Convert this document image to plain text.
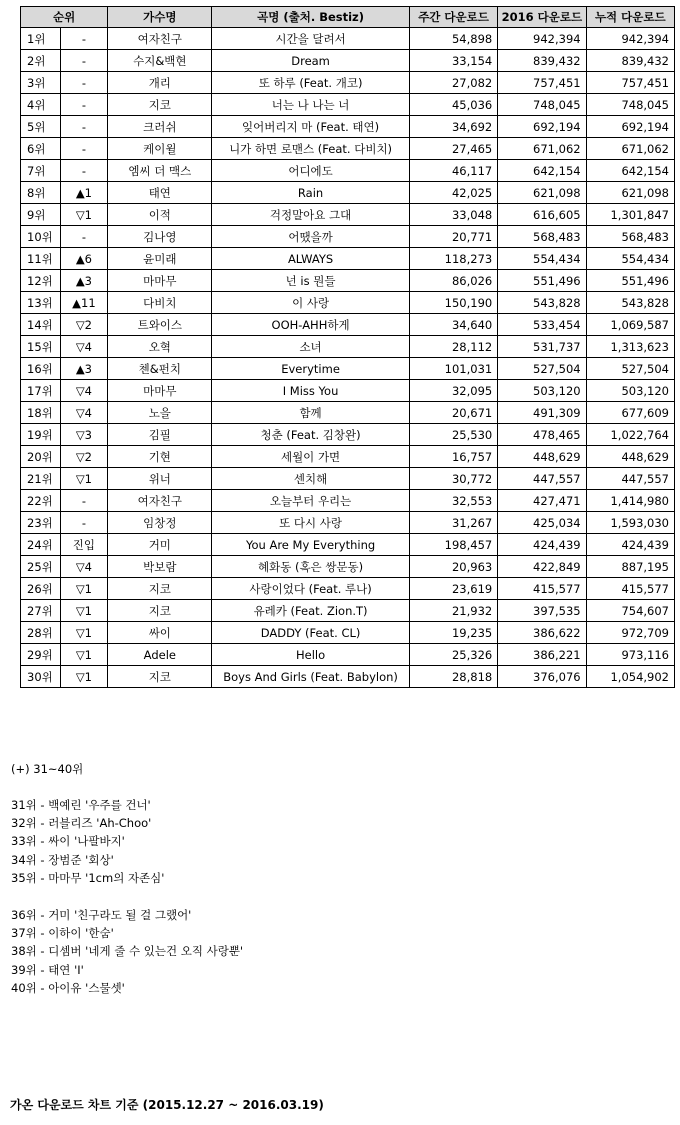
순위		가수명	곡명 (출처. Bestiz)	주간 다운로드	2016 다운로드	누적 다운로드
1위	-	여자친구	시간을 달려서	54,898	942,394	942,394
2위	-	수지&백현	Dream	33,154	839,432	839,432
3위	-	개리	또 하루 (Feat. 개코)	27,082	757,451	757,451
4위	-	지코	너는 나 나는 너	45,036	748,045	748,045
5위	-	크러쉬	잊어버리지 마 (Feat. 태연)	34,692	692,194	692,194
6위	-	케이윌	니가 하면 로맨스 (Feat. 다비치)	27,465	671,062	671,062
7위	-	엠씨 더 맥스	어디에도	46,117	642,154	642,154
8위	▲1	태연	Rain	42,025	621,098	621,098
9위	▽1	이적	걱정말아요 그대	33,048	616,605	1,301,847
10위	-	김나영	어땠을까	20,771	568,483	568,483
11위	▲6	윤미래	ALWAYS	118,273	554,434	554,434
12위	▲3	마마무	넌 is 뭔들	86,026	551,496	551,496
13위	▲11	다비치	이 사랑	150,190	543,828	543,828
14위	▽2	트와이스	OOH-AHH하게	34,640	533,454	1,069,587
15위	▽4	오혁	소녀	28,112	531,737	1,313,623
16위	▲3	첸&펀치	Everytime	101,031	527,504	527,504
17위	▽4	마마무	I Miss You	32,095	503,120	503,120
18위	▽4	노을	함께	20,671	491,309	677,609
19위	▽3	김필	청춘 (Feat. 김창완)	25,530	478,465	1,022,764
20위	▽2	기현	세월이 가면	16,757	448,629	448,629
21위	▽1	위너	센치해	30,772	447,557	447,557
22위	-	여자친구	오늘부터 우리는	32,553	427,471	1,414,980
23위	-	임창정	또 다시 사랑	31,267	425,034	1,593,030
24위	진입	거미	You Are My Everything	198,457	424,439	424,439
25위	▽4	박보람	혜화동 (혹은 쌍문동)	20,963	422,849	887,195
26위	▽1	지코	사랑이었다 (Feat. 루나)	23,619	415,577	415,577
27위	▽1	지코	유레카 (Feat. Zion.T)	21,932	397,535	754,607
28위	▽1	싸이	DADDY (Feat. CL)	19,235	386,622	972,709
29위	▽1	Adele	Hello	25,326	386,221	973,116
30위	▽1	지코	Boys And Girls (Feat. Babylon)	28,818	376,076	1,054,902
(+) 31~40위

31위 - 백예린 '우주를 건너'

32위 - 러블리즈 'Ah-Choo'

33위 - 싸이 '나팔바지'

34위 - 장범준 '회상'

35위 - 마마무 '1cm의 자존심'

36위 - 거미 '친구라도 될 걸 그랬어'

37위 - 이하이 '한숨'

38위 - 디셈버 '네게 줄 수 있는건 오직 사랑뿐'

39위 - 태연 'I'

40위 - 아이유 '스물셋'

가온 다운로드 차트 기준 (2015.12.27 ~ 2016.03.19)
